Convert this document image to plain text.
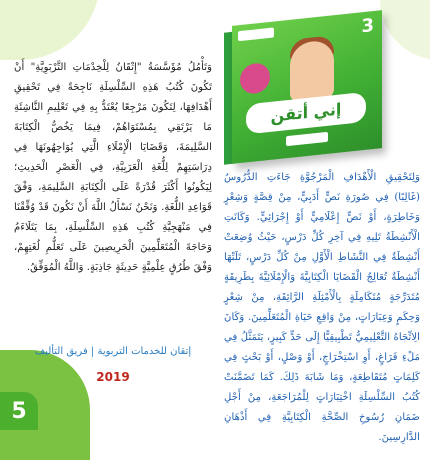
5
3
إني أتقن
وَتَأْمُلُ مُؤَسَّسَةُ "إِتْقَانُ لِلْخِدْمَاتِ التَّرْبَوِيَّةِ" أَنْ تَكُونَ كُتُبُ هَذِهِ السِّلْسِلَةِ نَاجِحَةً فِي تَحْقِيقِ أَهْدَافِهَا، لِتَكُونَ مَرْجِعًا يُعْتَدُّ بِهِ فِي تَعْلِيمِ النَّاشِئَةِ مَا يَرْتَقِي بِمُسْتَوَاهُمْ، فِيمَا يَخُصُّ الْكِتَابَةَ السَّلِيمَةَ، وَقَضَايَا الْإِمْلَاءِ الَّتِي يُوَاجِهُونَهَا فِي دِرَاسَتِهِمْ لِلُّغَةِ الْعَرَبِيَّةِ، فِي الْعَصْرِ الْحَدِيثِ؛ لِيَكُونُوا أَكْثَرَ قُدْرَةً عَلَى الْكِتَابَةِ السَّلِيمَةِ، وَفْقَ قَوَاعِدِ اللُّغَةِ. وَنَحْنُ نَسْأَلُ اللَّهَ أَنْ نَكُونَ قَدْ وُفِّقْنَا فِي مَنْهَجِيَّةِ كُتُبِ هَذِهِ السِّلْسِلَةِ، بِمَا يَتَلَاءَمُ وَحَاجَةَ الْمُتَعَلِّمِينَ الْحَرِيصِينَ عَلَى تَعَلُّمِ لُغَتِهِمْ، وَفْقَ طُرُقٍ عِلْمِيَّةٍ حَدِيثَةٍ جَاذِبَةٍ. وَاللَّهُ الْمُوَفِّقُ.
وَلِتَحْقِيقِ الْأَهْدَافِ الْمَرْجُوَّةِ جَاءَتِ الدُّرُوسُ (غَالِبًا) فِي صُورَةِ نَصٍّ أَدَبِيٍّ، مِنْ قِصَّةٍ وَشِعْرٍ وَخَاطِرَةٍ، أَوْ نَصٍّ إِعْلَامِيٍّ أَوْ إِجْرَائِيٍّ. وَكَانَتِ الْأَنْشِطَةُ تَلِيهِ فِي آخِرِ كُلِّ دَرْسٍ، حَيْثُ وُضِعَتْ أَنْشِطَةٌ فِي النَّشَاطِ الْأَوَّلِ مِنْ كُلِّ دَرْسٍ، تَلَتْهَا أَنْشِطَةٌ تُعَالِجُ الْقَضَايَا الْكِتَابِيَّةَ وَالْإِمْلَائِيَّةَ بِطَرِيقَةٍ مُتَدَرِّجَةٍ مُتَكَامِلَةٍ بِالْأَمْثِلَةِ الرَّائِقَةِ، مِنْ شِعْرٍ وَحِكَمٍ وَعِبَارَاتٍ، مِنْ وَاقِعِ حَيَاةِ الْمُتَعَلِّمِينَ. وَكَانَ الِاتِّجَاهُ التَّعْلِيمِيُّ تَطْبِيقِيًّا إِلَى حَدٍّ كَبِيرٍ، يَتَمَثَّلُ فِي مَلْءِ فَرَاغٍ، أَوِ اسْتِخْرَاجٍ، أَوْ وَصْلٍ، أَوْ بَحْثٍ فِي كَلِمَاتٍ مُتَقَاطِعَةٍ، وَمَا شَابَهَ ذَلِكَ. كَمَا تَضَمَّنَتْ كُتُبُ السِّلْسِلَةِ اخْتِبَارَاتٍ لِلْمُرَاجَعَةِ، مِنْ أَجْلِ ضَمَانِ رُسُوخِ الصِّحَّةِ الْكِتَابِيَّةِ فِي أَذْهَانِ الدَّارِسِينَ.
إتقان للخدمات التربوية | فريق التأليف
2019
